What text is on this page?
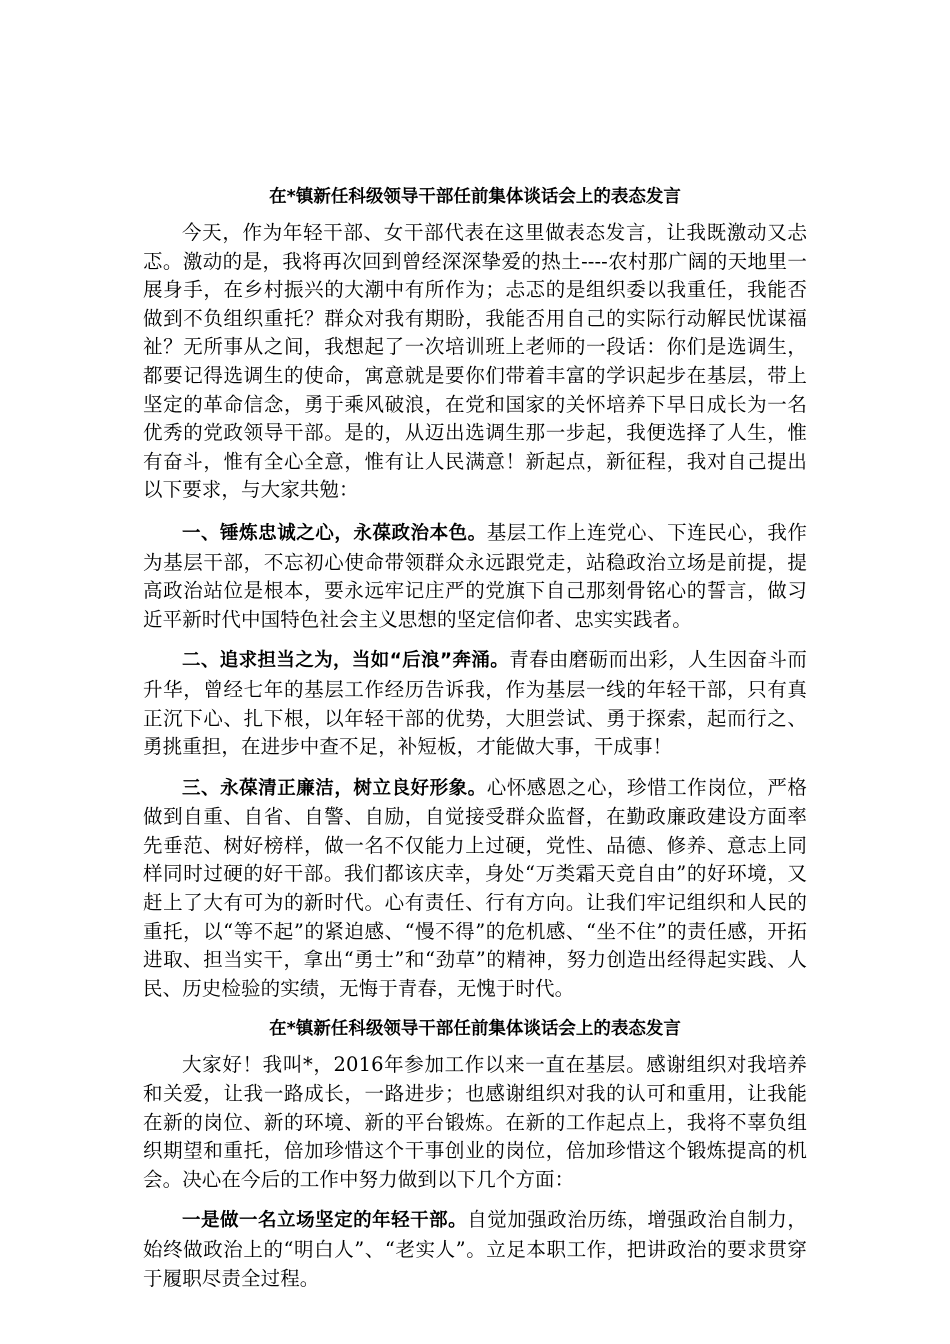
在*镇新任科级领导干部任前集体谈话会上的表态发言

今天，作为年轻干部、女干部代表在这里做表态发言，让我既激动又忐忑。激动的是，我将再次回到曾经深深挚爱的热土----农村那广阔的天地里一展身手，在乡村振兴的大潮中有所作为；忐忑的是组织委以我重任，我能否做到不负组织重托？群众对我有期盼，我能否用自己的实际行动解民忧谋福祉？无所事从之间，我想起了一次培训班上老师的一段话：你们是选调生，都要记得选调生的使命，寓意就是要你们带着丰富的学识起步在基层，带上坚定的革命信念，勇于乘风破浪，在党和国家的关怀培养下早日成长为一名优秀的党政领导干部。是的，从迈出选调生那一步起，我便选择了人生，惟有奋斗，惟有全心全意，惟有让人民满意！新起点，新征程，我对自己提出以下要求，与大家共勉：

一、锤炼忠诚之心，永葆政治本色。基层工作上连党心、下连民心，我作为基层干部，不忘初心使命带领群众永远跟党走，站稳政治立场是前提，提高政治站位是根本，要永远牢记庄严的党旗下自己那刻骨铭心的誓言，做习近平新时代中国特色社会主义思想的坚定信仰者、忠实实践者。

二、追求担当之为，当如“后浪”奔涌。青春由磨砺而出彩，人生因奋斗而升华，曾经七年的基层工作经历告诉我，作为基层一线的年轻干部，只有真正沉下心、扎下根，以年轻干部的优势，大胆尝试、勇于探索，起而行之、勇挑重担，在进步中查不足，补短板，才能做大事，干成事！

三、永葆清正廉洁，树立良好形象。心怀感恩之心，珍惜工作岗位，严格做到自重、自省、自警、自励，自觉接受群众监督，在勤政廉政建设方面率先垂范、树好榜样，做一名不仅能力上过硬，党性、品德、修养、意志上同样同时过硬的好干部。我们都该庆幸，身处“万类霜天竞自由”的好环境，又赶上了大有可为的新时代。心有责任、行有方向。让我们牢记组织和人民的重托，以“等不起”的紧迫感、“慢不得”的危机感、“坐不住”的责任感，开拓进取、担当实干，拿出“勇士”和“劲草”的精神，努力创造出经得起实践、人民、历史检验的实绩，无悔于青春，无愧于时代。

在*镇新任科级领导干部任前集体谈话会上的表态发言

大家好！我叫*，2016年参加工作以来一直在基层。感谢组织对我培养和关爱，让我一路成长，一路进步；也感谢组织对我的认可和重用，让我能在新的岗位、新的环境、新的平台锻炼。在新的工作起点上，我将不辜负组织期望和重托，倍加珍惜这个干事创业的岗位，倍加珍惜这个锻炼提高的机会。决心在今后的工作中努力做到以下几个方面：

一是做一名立场坚定的年轻干部。自觉加强政治历练，增强政治自制力，始终做政治上的“明白人”、“老实人”。立足本职工作，把讲政治的要求贯穿于履职尽责全过程。
